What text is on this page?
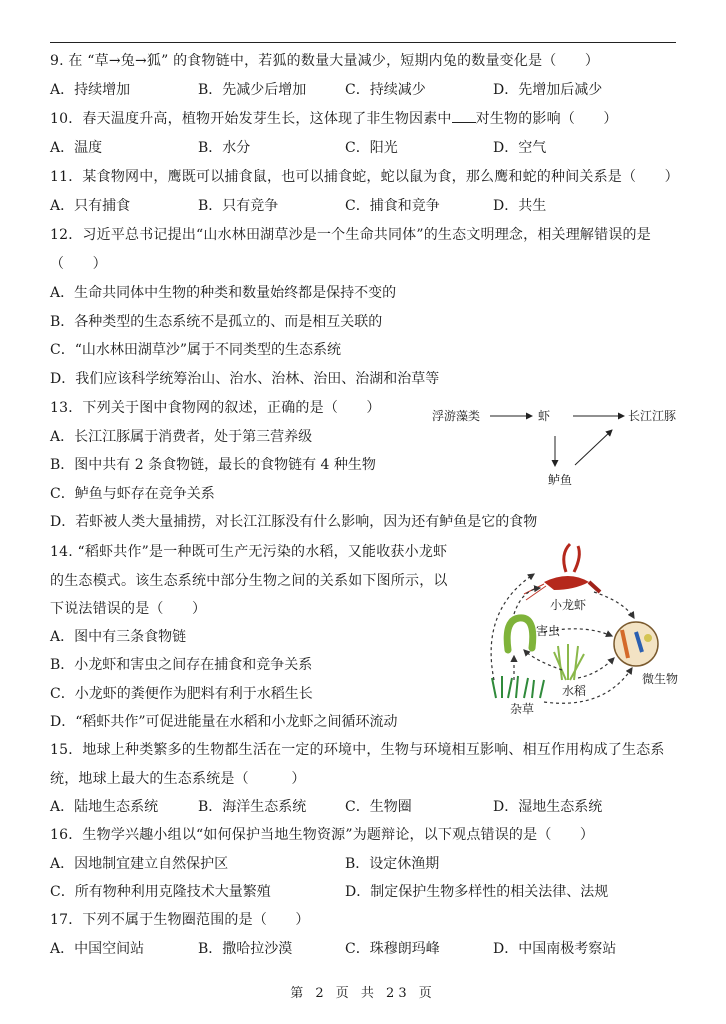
9. 在 “草→兔→狐” 的食物链中，若狐的数量大量减少，短期内兔的数量变化是（　　）
A．持续增加	B．先减少后增加	C．持续减少	D．先增加后减少
10．春天温度升高，植物开始发芽生长，这体现了非生物因素中 对生物的影响（　　）
A．温度	B．水分	C．阳光	D．空气
11．某食物网中，鹰既可以捕食鼠，也可以捕食蛇，蛇以鼠为食，那么鹰和蛇的种间关系是（　　）
A．只有捕食	B．只有竞争	C．捕食和竞争	D．共生
12．习近平总书记提出“山水林田湖草沙是一个生命共同体”的生态文明理念，相关理解错误的是
（　　）
A．生命共同体中生物的种类和数量始终都是保持不变的
B．各种类型的生态系统不是孤立的、而是相互关联的
C．“山水林田湖草沙”属于不同类型的生态系统
D．我们应该科学统筹治山、治水、治林、治田、治湖和治草等
13．下列关于图中食物网的叙述，正确的是（　　）
A．长江江豚属于消费者，处于第三营养级
B．图中共有 2 条食物链，最长的食物链有 4 种生物
C．鲈鱼与虾存在竞争关系
D．若虾被人类大量捕捞，对长江江豚没有什么影响，因为还有鲈鱼是它的食物
浮游藻类	虾	长江江豚
鲈鱼
14. “稻虾共作”是一种既可生产无污染的水稻，又能收获小龙虾
的生态模式。该生态系统中部分生物之间的关系如下图所示，以
下说法错误的是（　　）
A．图中有三条食物链
B．小龙虾和害虫之间存在捕食和竞争关系
C．小龙虾的粪便作为肥料有利于水稻生长
D．“稻虾共作”可促进能量在水稻和小龙虾之间循环流动
小龙虾
害虫
水稻
微生物
杂草
15．地球上种类繁多的生物都生活在一定的环境中，生物与环境相互影响、相互作用构成了生态系
统，地球上最大的生态系统是（　　　）
A．陆地生态系统	B．海洋生态系统	C．生物圈	D．湿地生态系统
16．生物学兴趣小组以“如何保护当地生物资源”为题辩论，以下观点错误的是（　　）
A．因地制宜建立自然保护区	B．设定休渔期
C．所有物种利用克隆技术大量繁殖	D．制定保护生物多样性的相关法律、法规
17．下列不属于生物圈范围的是（　　）
A．中国空间站	B．撒哈拉沙漠	C．珠穆朗玛峰	D．中国南极考察站
第 2 页 共 23 页
